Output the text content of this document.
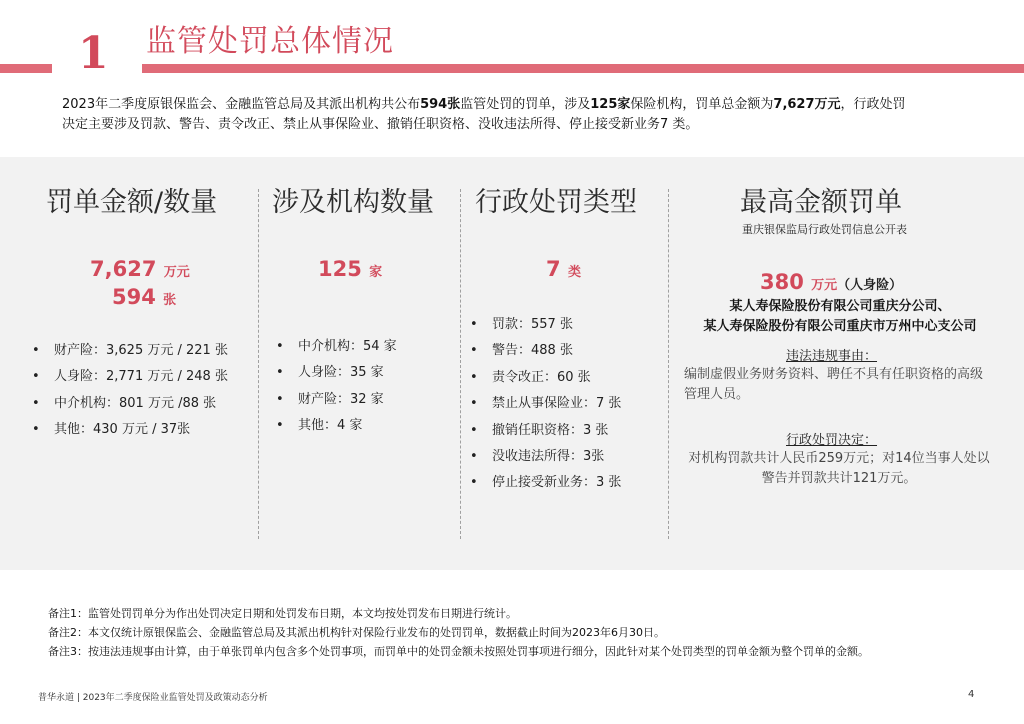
1 监管处罚总体情况
2023年二季度原银保监会、金融监管总局及其派出机构共公布594张监管处罚的罚单，涉及125家保险机构，罚单总金额为7,627万元，行政处罚
决定主要涉及罚款、警告、责令改正、禁止从事保险业、撤销任职资格、没收违法所得、停止接受新业务7 类。
罚单金额/数量
7,627 万元
594 张
• 财产险：3,625 万元 / 221 张
• 人身险：2,771 万元 / 248 张
• 中介机构：801 万元 /88 张
• 其他：430 万元 / 37张
涉及机构数量
125 家
• 中介机构：54 家
• 人身险：35 家
• 财产险：32 家
• 其他：4 家
行政处罚类型
7 类
• 罚款：557 张
• 警告：488 张
• 责令改正：60 张
• 禁止从事保险业：7 张
• 撤销任职资格：3 张
• 没收违法所得：3张
• 停止接受新业务：3 张
最高金额罚单
重庆银保监局行政处罚信息公开表
380 万元（人身险）
某人寿保险股份有限公司重庆分公司、
某人寿保险股份有限公司重庆市万州中心支公司
违法违规事由：
编制虚假业务财务资料、聘任不具有任职资格的高级管理人员。
行政处罚决定：
对机构罚款共计人民币259万元；对14位当事人处以警告并罚款共计121万元。
备注1：监管处罚罚单分为作出处罚决定日期和处罚发布日期，本文均按处罚发布日期进行统计。
备注2：本文仅统计原银保监会、金融监管总局及其派出机构针对保险行业发布的处罚罚单，数据截止时间为2023年6月30日。
备注3：按违法违规事由计算，由于单张罚单内包含多个处罚事项，而罚单中的处罚金额未按照处罚事项进行细分，因此针对某个处罚类型的罚单金额为整个罚单的金额。
普华永道 | 2023年二季度保险业监管处罚及政策动态分析	4
